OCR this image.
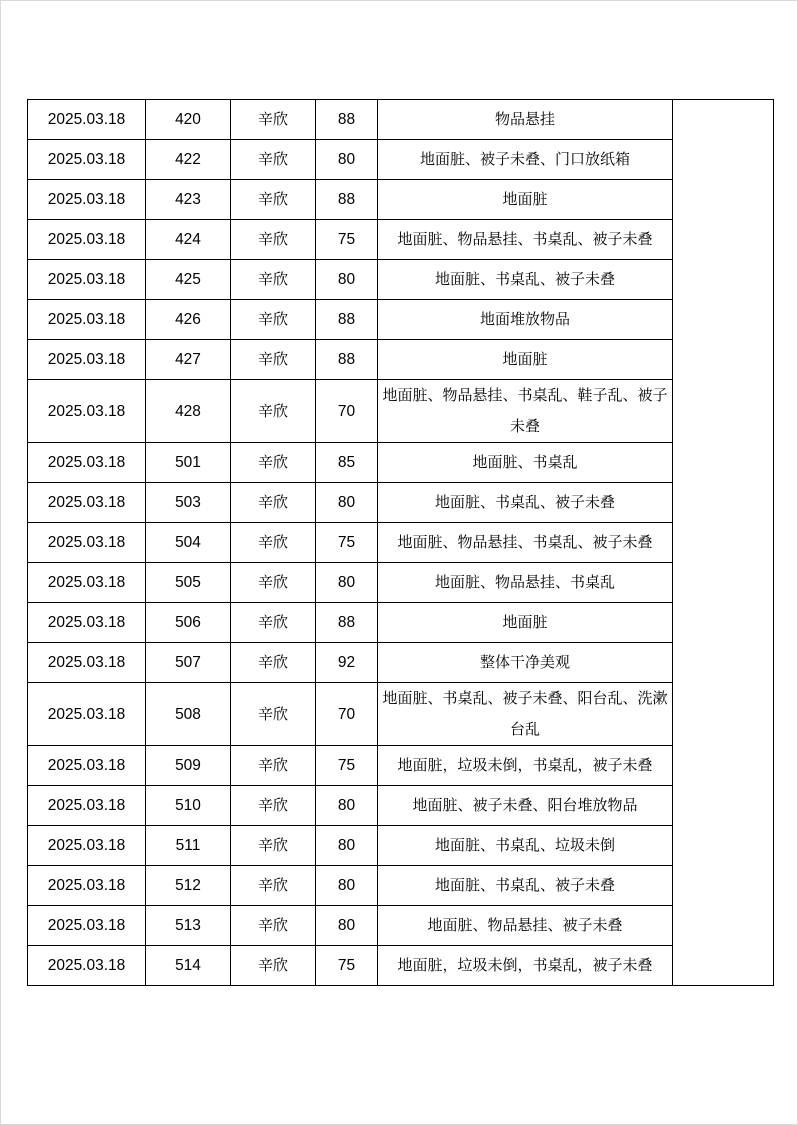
2025.03.18	420	辛欣	88	物品悬挂	
2025.03.18	422	辛欣	80	地面脏、被子未叠、门口放纸箱	
2025.03.18	423	辛欣	88	地面脏	
2025.03.18	424	辛欣	75	地面脏、物品悬挂、书桌乱、被子未叠	
2025.03.18	425	辛欣	80	地面脏、书桌乱、被子未叠	
2025.03.18	426	辛欣	88	地面堆放物品	
2025.03.18	427	辛欣	88	地面脏	
2025.03.18	428	辛欣	70	地面脏、物品悬挂、书桌乱、鞋子乱、被子未叠	
2025.03.18	501	辛欣	85	地面脏、书桌乱	
2025.03.18	503	辛欣	80	地面脏、书桌乱、被子未叠	
2025.03.18	504	辛欣	75	地面脏、物品悬挂、书桌乱、被子未叠	
2025.03.18	505	辛欣	80	地面脏、物品悬挂、书桌乱	
2025.03.18	506	辛欣	88	地面脏	
2025.03.18	507	辛欣	92	整体干净美观	
2025.03.18	508	辛欣	70	地面脏、书桌乱、被子未叠、阳台乱、洗漱台乱	
2025.03.18	509	辛欣	75	地面脏，垃圾未倒，书桌乱，被子未叠	
2025.03.18	510	辛欣	80	地面脏、被子未叠、阳台堆放物品	
2025.03.18	511	辛欣	80	地面脏、书桌乱、垃圾未倒	
2025.03.18	512	辛欣	80	地面脏、书桌乱、被子未叠	
2025.03.18	513	辛欣	80	地面脏、物品悬挂、被子未叠	
2025.03.18	514	辛欣	75	地面脏，垃圾未倒，书桌乱，被子未叠	
